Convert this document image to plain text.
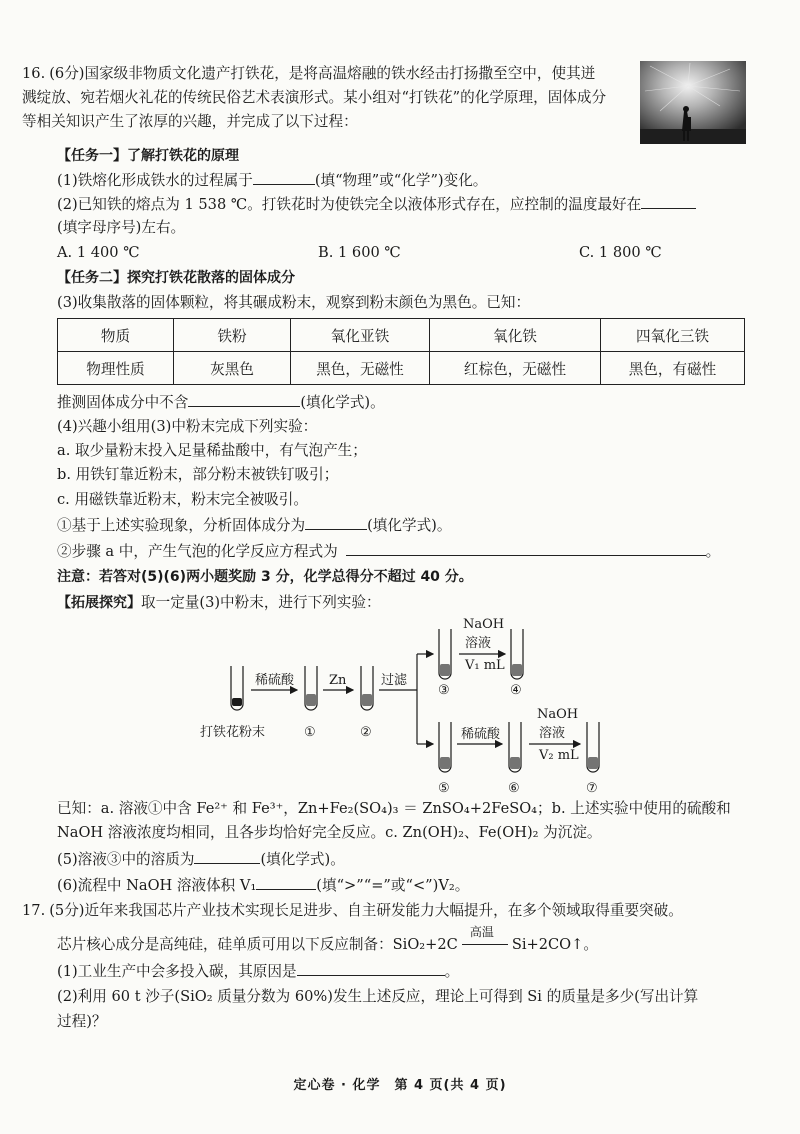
16. (6分)国家级非物质文化遗产打铁花，是将高温熔融的铁水经击打扬撒至空中，使其迸溅绽放、宛若烟火礼花的传统民俗艺术表演形式。某小组对“打铁花”的化学原理，固体成分等相关知识产生了浓厚的兴趣，并完成了以下过程：
【任务一】了解打铁花的原理
(1)铁熔化形成铁水的过程属于	(填“物理”或“化学”)变化。
(2)已知铁的熔点为 1 538 ℃。打铁花时为使铁完全以液体形式存在，应控制的温度最好在
(填字母序号)左右。
A. 1 400 ℃	B. 1 600 ℃	C. 1 800 ℃
【任务二】探究打铁花散落的固体成分
(3)收集散落的固体颗粒，将其碾成粉末，观察到粉末颜色为黑色。已知：
物质	铁粉	氧化亚铁	氧化铁	四氧化三铁
物理性质	灰黑色	黑色，无磁性	红棕色，无磁性	黑色，有磁性
推测固体成分中不含	(填化学式)。
(4)兴趣小组用(3)中粉末完成下列实验：
a. 取少量粉末投入足量稀盐酸中，有气泡产生；
b. 用铁钉靠近粉末，部分粉末被铁钉吸引；
c. 用磁铁靠近粉末，粉末完全被吸引。
①基于上述实验现象，分析固体成分为	(填化学式)。
②步骤 a 中，产生气泡的化学反应方程式为	。
注意：若答对(5)(6)两小题奖励 3 分，化学总得分不超过 40 分。
【拓展探究】取一定量(3)中粉末，进行下列实验：
稀硫酸	Zn	过滤
NaOH
溶液
V₁ mL
稀硫酸
NaOH
溶液
V₂ mL
打铁花粉末	①	②
③	④
⑤	⑥	⑦
已知：a. 溶液①中含 Fe²⁺ 和 Fe³⁺，Zn+Fe₂(SO₄)₃ ＝ ZnSO₄+2FeSO₄；b. 上述实验中使用的硫酸和
NaOH 溶液浓度均相同，且各步均恰好完全反应。c. Zn(OH)₂、Fe(OH)₂ 为沉淀。
(5)溶液③中的溶质为	(填化学式)。
(6)流程中 NaOH 溶液体积 V₁	(填“>”“=”或“<”)V₂。
17. (5分)近年来我国芯片产业技术实现长足进步、自主研发能力大幅提升，在多个领域取得重要突破。
芯片核心成分是高纯硅，硅单质可用以下反应制备：SiO₂+2C
高温
Si+2CO↑。
(1)工业生产中会多投入碳，其原因是	。
(2)利用 60 t 沙子(SiO₂ 质量分数为 60%)发生上述反应，理论上可得到 Si 的质量是多少(写出计算
过程)？
定心卷 · 化学　第 4 页(共 4 页)
